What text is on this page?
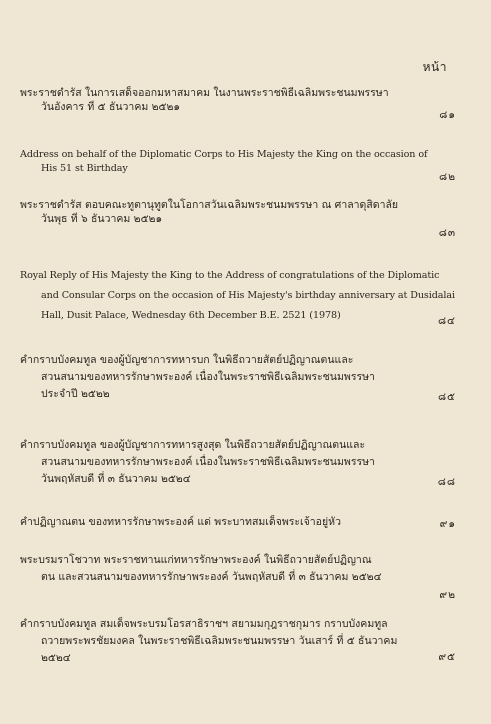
หน้า
พระราชดำรัส ในการเสด็จออกมหาสมาคม ในงานพระราชพิธีเฉลิมพระชนมพรรษา
วันอังคาร ที่ ๕ ธันวาคม ๒๕๒๑
๘๑
Address on behalf of the Diplomatic Corps to His Majesty the King on the occasion of
His 51 st Birthday
๘๒
พระราชดำรัส ตอบคณะทูตานุทูตในโอกาสวันเฉลิมพระชนมพรรษา ณ ศาลาดุสิดาลัย
วันพุธ ที่ ๖ ธันวาคม ๒๕๒๑
๘๓
Royal Reply of His Majesty the King to the Address of congratulations of the Diplomatic
and Consular Corps on the occasion of His Majesty's birthday anniversary at Dusidalai
Hall, Dusit Palace, Wednesday 6th December B.E. 2521 (1978)	๘๔
คำกราบบังคมทูล ของผู้บัญชาการทหารบก ในพิธีถวายสัตย์ปฏิญาณตนและ
สวนสนามของทหารรักษาพระองค์ เนื่องในพระราชพิธีเฉลิมพระชนมพรรษา
ประจำปี ๒๕๒๒	๘๕
คำกราบบังคมทูล ของผู้บัญชาการทหารสูงสุด ในพิธีถวายสัตย์ปฏิญาณตนและ
สวนสนามของทหารรักษาพระองค์ เนื่องในพระราชพิธีเฉลิมพระชนมพรรษา
วันพฤหัสบดี ที่ ๓ ธันวาคม ๒๕๒๔	๘๘
คำปฏิญาณตน ของทหารรักษาพระองค์ แด่ พระบาทสมเด็จพระเจ้าอยู่หัว	๙๑
พระบรมราโชวาท พระราชทานแก่ทหารรักษาพระองค์ ในพิธีถวายสัตย์ปฏิญาณ
ตน และสวนสนามของทหารรักษาพระองค์ วันพฤหัสบดี ที่ ๓ ธันวาคม ๒๕๒๔
๙๒
คำกราบบังคมทูล สมเด็จพระบรมโอรสาธิราชฯ สยามมกุฎราชกุมาร กราบบังคมทูล
ถวายพระพรชัยมงคล ในพระราชพิธีเฉลิมพระชนมพรรษา วันเสาร์ ที่ ๕ ธันวาคม
๒๕๒๔	๙๕
